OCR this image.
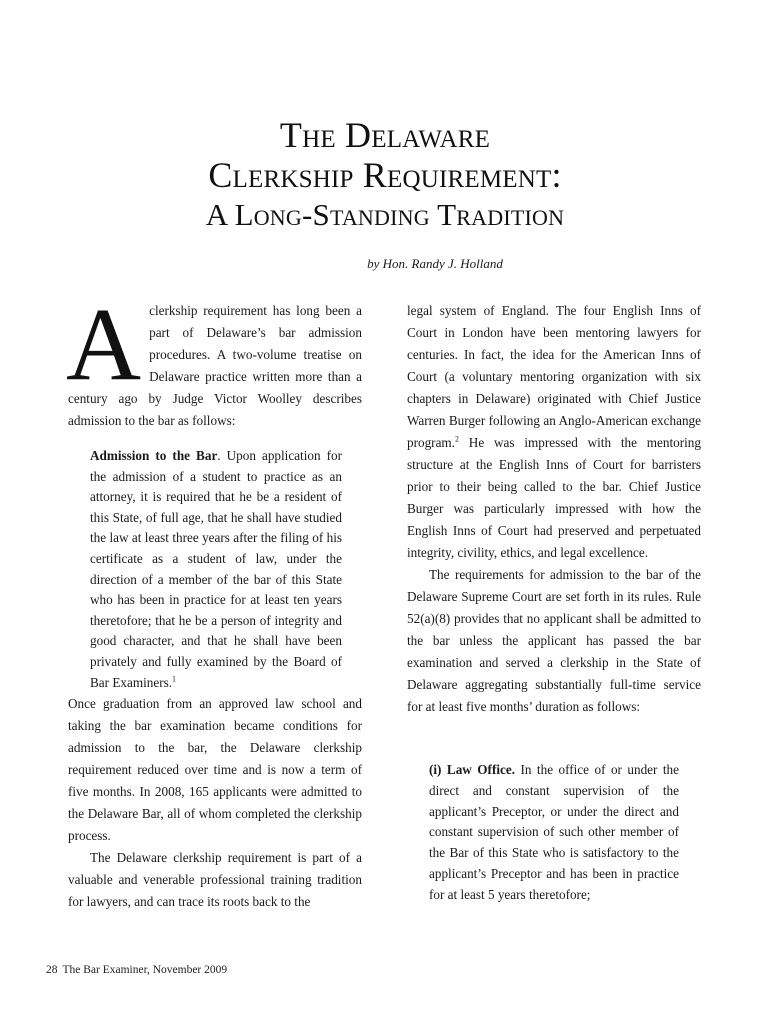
The Delaware
Clerkship Requirement:
A Long-Standing Tradition
by Hon. Randy J. Holland

Aclerkship requirement has long been a part of Delaware’s bar admission procedures. A two-volume treatise on Delaware practice written more than a century ago by Judge Victor Woolley describes admission to the bar as follows:

Admission to the Bar. Upon application for the admission of a student to practice as an attorney, it is required that he be a resident of this State, of full age, that he shall have studied the law at least three years after the filing of his certificate as a student of law, under the direction of a member of the bar of this State who has been in practice for at least ten years theretofore; that he be a person of integrity and good character, and that he shall have been privately and fully examined by the Board of Bar Examiners.$^1$

Once graduation from an approved law school and taking the bar examination became conditions for admission to the bar, the Delaware clerkship requirement reduced over time and is now a term of five months. In 2008, 165 applicants were admitted to the Delaware Bar, all of whom completed the clerkship process.

The Delaware clerkship requirement is part of a valuable and venerable professional training tradition for lawyers, and can trace its roots back to the

legal system of England. The four English Inns of Court in London have been mentoring lawyers for centuries. In fact, the idea for the American Inns of Court (a voluntary mentoring organization with six chapters in Delaware) originated with Chief Justice Warren Burger following an Anglo-American exchange program.$^2$ He was impressed with the mentoring structure at the English Inns of Court for barristers prior to their being called to the bar. Chief Justice Burger was particularly impressed with how the English Inns of Court had preserved and perpetuated integrity, civility, ethics, and legal excellence.

The requirements for admission to the bar of the Delaware Supreme Court are set forth in its rules. Rule 52(a)(8) provides that no applicant shall be admitted to the bar unless the applicant has passed the bar examination and served a clerkship in the State of Delaware aggregating substantially full-time service for at least five months’ duration as follows:

(i) Law Office. In the office of or under the direct and constant supervision of the applicant’s Preceptor, or under the direct and constant supervision of such other member of the Bar of this State who is satisfactory to the applicant’s Preceptor and has been in practice for at least 5 years theretofore;
28 The Bar Examiner, November 2009
